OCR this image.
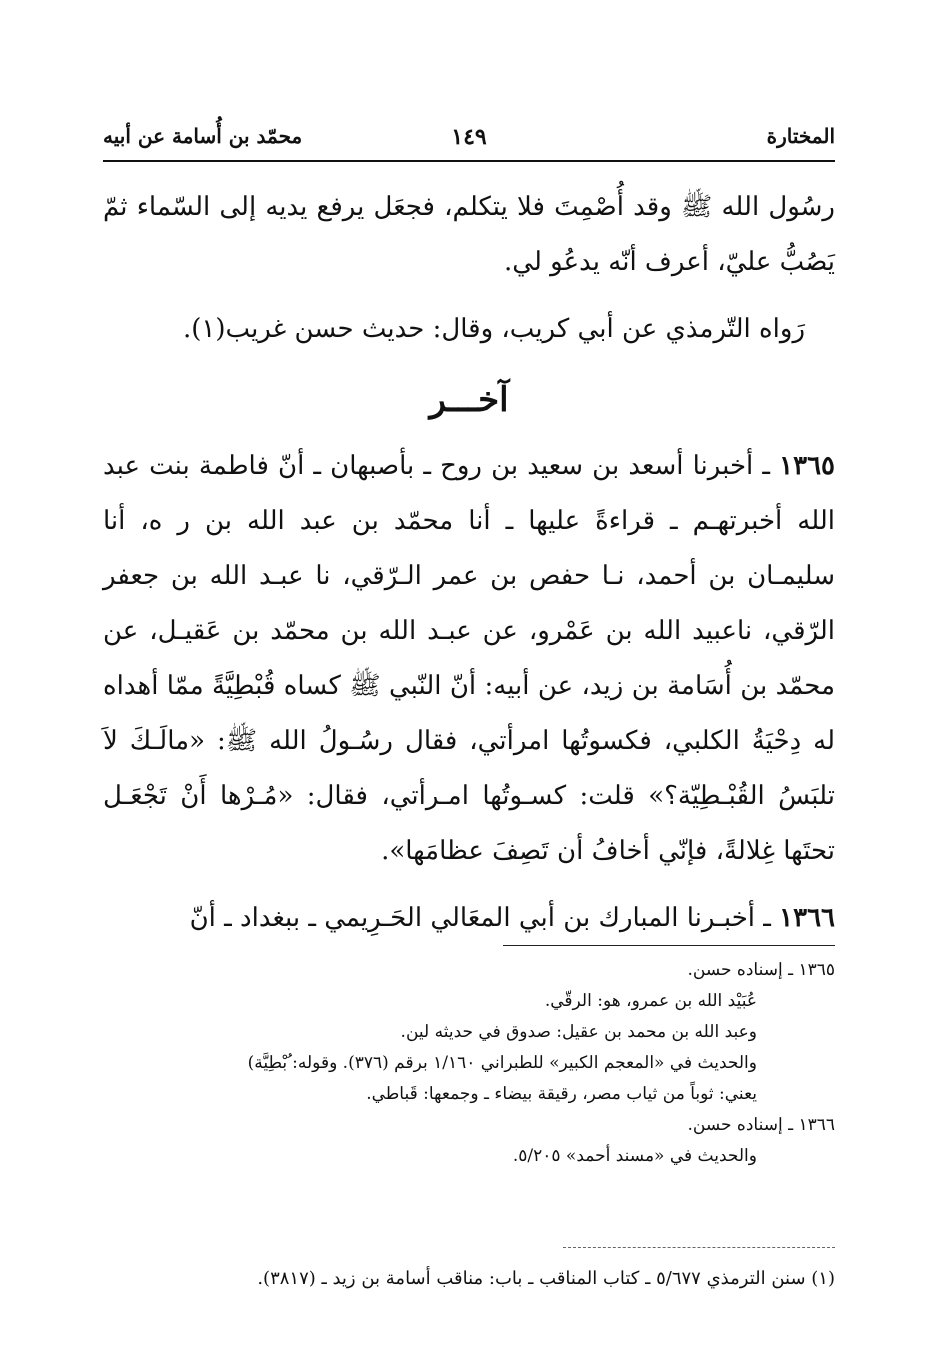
المختارة
١٤٩
محمّد بن أُسامة عن أبيه

رسُول الله ﷺ وقد أُصْمِتَ فلا يتكلم، فجعَل يرفع يديه إلى السّماء ثمّ يَصُبُّ عليّ، أعرف أنّه يدعُو لي.

رَواه التّرمذي عن أبي كريب، وقال: حديث حسن غريب(١).

آخـــر

١٣٦٥ ـ أخبرنا أسعد بن سعيد بن روح ـ بأصبهان ـ أنّ فاطمة بنت عبد الله أخبرتهـم ـ قراءةً عليها ـ أنا محمّد بن عبد الله بن ر ه، أنا سليمـان بن أحمد، نـا حفص بن عمر الـرّقي، نا عبـد الله بن جعفر الرّقي، ناعبيد الله بن عَمْرو، عن عبـد الله بن محمّد بن عَقيـل، عن محمّد بن أُسَامة بن زيد، عن أبيه: أنّ النّبي ﷺ كساه قُبْطِيَّةً ممّا أهداه له دِحْيَةُ الكلبي، فكسوتُها امرأتي، فقال رسُـولُ الله ﷺ: «مالَـكَ لاَ تلبَسُ القُبْـطِيّة؟» قلت: كسـوتُها امـرأتي، فقال: «مُـرْها أَنْ تَجْعَـل تحتَها غِلالةً، فإنّي أخافُ أن تَصِفَ عظامَها».

١٣٦٦ ـ أخبـرنا المبارك بن أبي المعَالي الحَـرِيمي ـ ببغداد ـ أنّ

١٣٦٥ ـ إسناده حسن.

عُبَيْد الله بن عمرو، هو: الرقّي.

وعبد الله بن محمد بن عقيل: صدوق في حديثه لين.

والحديث في «المعجم الكبير» للطبراني ١/١٦٠ برقم (٣٧٦). وقوله: ُبْطِيَّة)

يعني: ثوباً من ثياب مصر، رقيقة بيضاء ـ وجمعها: قَباطي.

١٣٦٦ ـ إسناده حسن.

والحديث في «مسند أحمد» ٥/٢٠٥.

(١) سنن الترمذي ٥/٦٧٧ ـ كتاب المناقب ـ باب: مناقب أسامة بن زيد ـ (٣٨١٧).
